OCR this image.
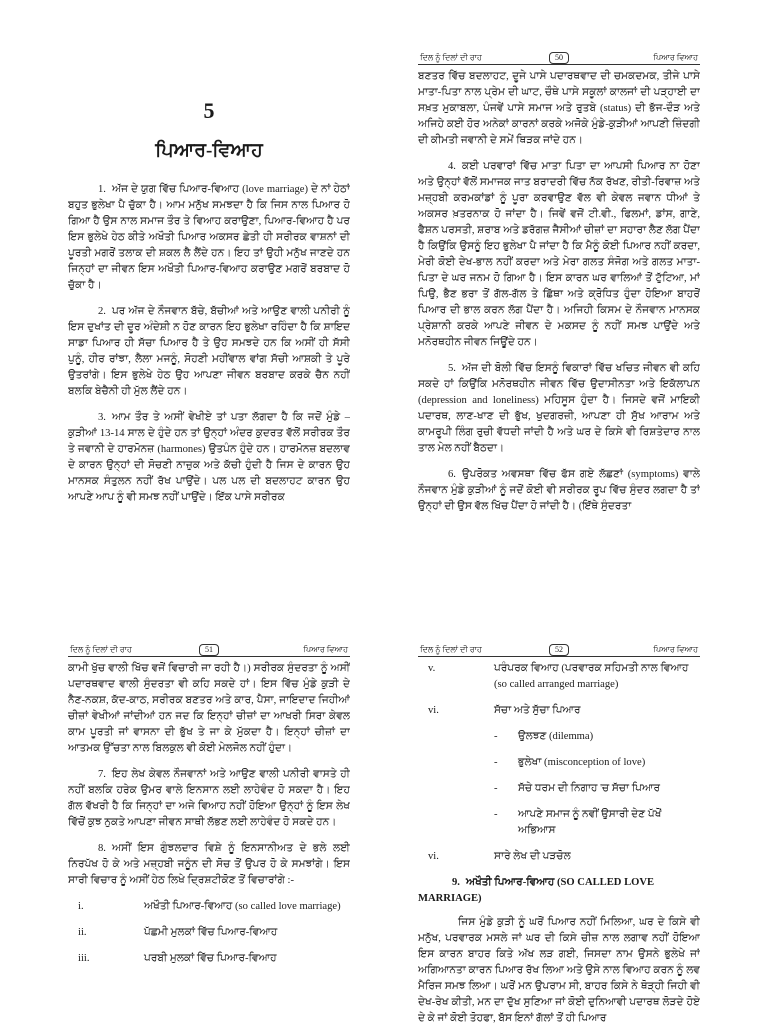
5
ਪਿਆਰ-ਵਿਆਹ

1. ਅੱਜ ਦੇ ਯੁਗ ਵਿੱਚ ਪਿਆਰ-ਵਿਆਹ (love marriage) ਦੇ ਨਾਂ ਹੇਠਾਂ ਬਹੁਤ ਭੁਲੇਖਾ ਪੈ ਚੁੱਕਾ ਹੈ। ਆਮ ਮਨੁੱਖ ਸਮਝਦਾ ਹੈ ਕਿ ਜਿਸ ਨਾਲ ਪਿਆਰ ਹੋ ਗਿਆ ਹੈ ਉਸ ਨਾਲ ਸਮਾਜ ਤੌਰ ਤੇ ਵਿਆਹ ਕਰਾਉਣਾ, ਪਿਆਰ-ਵਿਆਹ ਹੈ ਪਰ ਇਸ ਭੁਲੇਖੇ ਹੇਠ ਕੀਤੇ ਅਖੌਤੀ ਪਿਆਰ ਅਕਸਰ ਛੇਤੀ ਹੀ ਸਰੀਰਕ ਵਾਸ਼ਨਾਂ ਦੀ ਪੂਰਤੀ ਮਗਰੋਂ ਤਲਾਕ ਦੀ ਸ਼ਕਲ ਲੈ ਲੈਂਦੇ ਹਨ। ਇਹ ਤਾਂ ਉਹੀ ਮਨੁੱਖ ਜਾਣਦੇ ਹਨ ਜਿਨ੍ਹਾਂ ਦਾ ਜੀਵਨ ਇਸ ਅਖੌਤੀ ਪਿਆਰ-ਵਿਆਹ ਕਰਾਉਣ ਮਗਰੋਂ ਬਰਬਾਦ ਹੋ ਚੁੱਕਾ ਹੈ।

2. ਪਰ ਅੱਜ ਦੇ ਨੌਜਵਾਨ ਬੱਚੇ, ਬੱਚੀਆਂ ਅਤੇ ਆਉਣ ਵਾਲੀ ਪਨੀਰੀ ਨੂੰ ਇਸ ਦੁਖਾਂਤ ਦੀ ਦੂਰ ਅੰਦੇਸ਼ੀ ਨ ਹੋਣ ਕਾਰਨ ਇਹ ਭੁਲੇਖਾ ਰਹਿੰਦਾ ਹੈ ਕਿ ਸ਼ਾਇਦ ਸਾਡਾ ਪਿਆਰ ਹੀ ਸੱਚਾ ਪਿਆਰ ਹੈ ਤੇ ਉਹ ਸਮਝਦੇ ਹਨ ਕਿ ਅਸੀਂ ਹੀ ਸੱਸੀ ਪੁਨੂੰ, ਹੀਰ ਰਾਂਝਾ, ਲੈਲਾ ਮਜਨੂੰ, ਸੋਹਣੀ ਮਹੀਂਵਾਲ ਵਾਂਗ ਸੱਚੀ ਆਸ਼ਕੀ ਤੇ ਪੂਰੇ ਉਤਰਾਂਗੇ। ਇਸ ਭੁਲੇਖੇ ਹੇਠ ਉਹ ਆਪਣਾ ਜੀਵਨ ਬਰਬਾਦ ਕਰਕੇ ਚੈਨ ਨਹੀਂ ਬਲਕਿ ਬੇਚੈਨੀ ਹੀ ਮੁੱਲ ਲੈਂਦੇ ਹਨ।

3. ਆਮ ਤੌਰ ਤੇ ਅਸੀਂ ਵੇਖੀਏ ਤਾਂ ਪਤਾ ਲੱਗਦਾ ਹੈ ਕਿ ਜਦੋਂ ਮੁੰਡੇ – ਕੁੜੀਆਂ 13-14 ਸਾਲ ਦੇ ਹੁੰਦੇ ਹਨ ਤਾਂ ਉਨ੍ਹਾਂ ਅੰਦਰ ਕੁਦਰਤ ਵੱਲੋਂ ਸਰੀਰਕ ਤੌਰ ਤੇ ਜਵਾਨੀ ਦੇ ਹਾਰਮੋਨਜ਼ (harmones) ਉਤਪੰਨ ਹੁੰਦੇ ਹਨ। ਹਾਰਮੋਨਜ਼ ਬਦਲਾਵ ਦੇ ਕਾਰਨ ਉਨ੍ਹਾਂ ਦੀ ਸੋਚਣੀ ਨਾਜ਼ੁਕ ਅਤੇ ਕੱਚੀ ਹੁੰਦੀ ਹੈ ਜਿਸ ਦੇ ਕਾਰਨ ਉਹ ਮਾਨਸਕ ਸੰਤੁਲਨ ਨਹੀਂ ਰੱਖ ਪਾਉਂਦੇ। ਪਲ ਪਲ ਦੀ ਬਦਲਾਹਟ ਕਾਰਨ ਉਹ ਆਪਣੇ ਆਪ ਨੂੰ ਵੀ ਸਮਝ ਨਹੀਂ ਪਾਉਂਦੇ। ਇੱਕ ਪਾਸੇ ਸਰੀਰਕ

ਦਿਲ ਨੂੰ ਦਿਲਾਂ ਦੀ ਰਾਹ	50	ਪਿਆਰ ਵਿਆਹ

ਬਣਤਰ ਵਿੱਚ ਬਦਲਾਹਟ, ਦੂਜੇ ਪਾਸੇ ਪਦਾਰਥਵਾਦ ਦੀ ਚਮਕਦਮਕ, ਤੀਜੇ ਪਾਸੇ ਮਾਤਾ-ਪਿਤਾ ਨਾਲ ਪ੍ਰੇਮ ਦੀ ਘਾਟ, ਚੌਥੇ ਪਾਸੇ ਸਕੂਲਾਂ ਕਾਲਜਾਂ ਦੀ ਪੜ੍ਹਾਈ ਦਾ ਸਖ਼ਤ ਮੁਕਾਬਲਾ, ਪੰਜਵੇਂ ਪਾਸੇ ਸਮਾਜ ਅਤੇ ਰੁਤਬੇ (status) ਦੀ ਭੱਜ-ਦੌੜ ਅਤੇ ਅਜਿਹੇ ਕਈ ਹੋਰ ਅਨੇਕਾਂ ਕਾਰਨਾਂ ਕਰਕੇ ਅਜੋਕੇ ਮੁੰਡੇ-ਕੁੜੀਆਂ ਆਪਣੀ ਜ਼ਿੰਦਗੀ ਦੀ ਕੀਮਤੀ ਜਵਾਨੀ ਦੇ ਸਮੇਂ ਥਿੜਕ ਜਾਂਦੇ ਹਨ।

4. ਕਈ ਪਰਵਾਰਾਂ ਵਿੱਚ ਮਾਤਾ ਪਿਤਾ ਦਾ ਆਪਸੀ ਪਿਆਰ ਨਾ ਹੋਣਾ ਅਤੇ ਉਨ੍ਹਾਂ ਵੱਲੋਂ ਸਮਾਜਕ ਜਾਤ ਬਰਾਦਰੀ ਵਿੱਚ ਨੱਕ ਰੱਖਣ, ਰੀਤੀ-ਰਿਵਾਜ਼ ਅਤੇ ਮਜ਼੍ਹਬੀ ਕਰਮਕਾਂਡਾਂ ਨੂੰ ਪੂਰਾ ਕਰਵਾਉਣ ਵੱਲ ਵੀ ਕੇਵਲ ਜਵਾਨ ਧੀਆਂ ਤੇ ਅਕਸਰ ਖ਼ਤਰਨਾਕ ਹੋ ਜਾਂਦਾ ਹੈ। ਜਿਵੇਂ ਵਜੋਂ ਟੀ.ਵੀ., ਫਿਲਮਾਂ, ਡਾਂਸ, ਗਾਣੇ, ਫੈਸ਼ਨ ਪਰਸਤੀ, ਸ਼ਰਾਬ ਅਤੇ ਡਰੱਗਜ਼ ਜੈਸੀਆਂ ਚੀਜ਼ਾਂ ਦਾ ਸਹਾਰਾ ਲੈਣ ਲੱਗ ਪੈਂਦਾ ਹੈ ਕਿਉਂਕਿ ਉਸਨੂੰ ਇਹ ਭੁਲੇਖਾ ਪੈ ਜਾਂਦਾ ਹੈ ਕਿ ਮੈਨੂੰ ਕੋਈ ਪਿਆਰ ਨਹੀਂ ਕਰਦਾ, ਮੇਰੀ ਕੋਈ ਦੇਖ-ਭਾਲ ਨਹੀਂ ਕਰਦਾ ਅਤੇ ਮੇਰਾ ਗਲਤ ਸੰਜੋਗ ਅਤੇ ਗਲਤ ਮਾਤਾ-ਪਿਤਾ ਦੇ ਘਰ ਜਨਮ ਹੋ ਗਿਆ ਹੈ। ਇਸ ਕਾਰਨ ਘਰ ਵਾਲਿਆਂ ਤੋਂ ਟੁੱਟਿਆ, ਮਾਂ ਪਿਉ, ਭੈਣ ਭਰਾ ਤੋਂ ਗੱਲ-ਗੱਲ ਤੇ ਛਿੱਥਾ ਅਤੇ ਕ੍ਰੋਧਿਤ ਹੁੰਦਾ ਹੋਇਆ ਬਾਹਰੋਂ ਪਿਆਰ ਦੀ ਭਾਲ ਕਰਨ ਲੱਗ ਪੈਂਦਾ ਹੈ। ਅਜਿਹੀ ਕਿਸਮ ਦੇ ਨੌਜਵਾਨ ਮਾਨਸਕ ਪ੍ਰੇਸ਼ਾਨੀ ਕਰਕੇ ਆਪਣੇ ਜੀਵਨ ਦੇ ਮਕਸਦ ਨੂੰ ਨਹੀਂ ਸਮਝ ਪਾਉਂਦੇ ਅਤੇ ਮਨੋਰਥਹੀਨ ਜੀਵਨ ਜਿਊਂਦੇ ਹਨ।

5. ਅੱਜ ਦੀ ਬੋਲੀ ਵਿੱਚ ਇਸਨੂੰ ਵਿਕਾਰਾਂ ਵਿੱਚ ਖਚਿਤ ਜੀਵਨ ਵੀ ਕਹਿ ਸਕਦੇ ਹਾਂ ਕਿਉਂਕਿ ਮਨੋਰਥਹੀਨ ਜੀਵਨ ਵਿੱਚ ਉਦਾਸੀਨਤਾ ਅਤੇ ਇਕੱਲਾਪਨ (depression and loneliness) ਮਹਿਸੂਸ ਹੁੰਦਾ ਹੈ। ਜਿਸਦੇ ਵਜੋਂ ਮਾਇਕੀ ਪਦਾਰਥ, ਲਾਣ-ਖਾਣ ਦੀ ਭੁੱਖ, ਖੁਦਗਰਜ਼ੀ, ਆਪਣਾ ਹੀ ਸੁੱਖ ਆਰਾਮ ਅਤੇ ਕਾਮਰੂਪੀ ਲਿੰਗ ਰੁਚੀ ਵੱਧਦੀ ਜਾਂਦੀ ਹੈ ਅਤੇ ਘਰ ਦੇ ਕਿਸੇ ਵੀ ਰਿਸ਼ਤੇਦਾਰ ਨਾਲ ਤਾਲ ਮੇਲ ਨਹੀਂ ਬੈਠਦਾ।

6. ਉਪਰੋਕਤ ਅਵਸਥਾ ਵਿੱਚ ਫੱਸ ਗਏ ਲੱਛਣਾਂ (symptoms) ਵਾਲੇ ਨੌਜਵਾਨ ਮੁੰਡੇ ਕੁੜੀਆਂ ਨੂੰ ਜਦੋਂ ਕੋਈ ਵੀ ਸਰੀਰਕ ਰੂਪ ਵਿੱਚ ਸੁੰਦਰ ਲਗਦਾ ਹੈ ਤਾਂ ਉਨ੍ਹਾਂ ਦੀ ਉਸ ਵੱਲ ਖਿੱਚ ਪੈਂਦਾ ਹੋ ਜਾਂਦੀ ਹੈ। (ਇੱਥੇ ਸੁੰਦਰਤਾ

ਦਿਲ ਨੂੰ ਦਿਲਾਂ ਦੀ ਰਾਹ	51	ਪਿਆਰ ਵਿਆਹ

ਕਾਮੀ ਖੁੱਚ ਵਾਲੀ ਖਿੱਚ ਵਜੋਂ ਵਿਚਾਰੀ ਜਾ ਰਹੀ ਹੈ।) ਸਰੀਰਕ ਸੁੰਦਰਤਾ ਨੂੰ ਅਸੀਂ ਪਦਾਰਥਵਾਦ ਵਾਲੀ ਸੁੰਦਰਤਾ ਵੀ ਕਹਿ ਸਕਦੇ ਹਾਂ। ਇਸ ਵਿੱਚ ਮੁੰਡੇ ਕੁੜੀ ਦੇ ਨੈਣ-ਨਕਸ਼, ਕੱਦ-ਕਾਠ, ਸਰੀਰਕ ਬਣਤਰ ਅਤੇ ਕਾਰ, ਪੈਸਾ, ਜਾਇਦਾਦ ਜਿਹੀਆਂ ਚੀਜ਼ਾਂ ਵੇਖੀਆਂ ਜਾਂਦੀਆਂ ਹਨ ਜਦ ਕਿ ਇਨ੍ਹਾਂ ਚੀਜ਼ਾਂ ਦਾ ਆਖਰੀ ਸਿਰਾ ਕੇਵਲ ਕਾਮ ਪੂਰਤੀ ਜਾਂ ਵਾਸਨਾ ਦੀ ਭੁੱਖ ਤੇ ਜਾ ਕੇ ਮੁੱਕਦਾ ਹੈ। ਇਨ੍ਹਾਂ ਚੀਜ਼ਾਂ ਦਾ ਆਤਮਕ ਉੱਚਤਾ ਨਾਲ ਬਿਲਕੁਲ ਵੀ ਕੋਈ ਮੇਲਜੋਲ ਨਹੀਂ ਹੁੰਦਾ।

7. ਇਹ ਲੇਖ ਕੇਵਲ ਨੌਜਵਾਨਾਂ ਅਤੇ ਆਉਣ ਵਾਲੀ ਪਨੀਰੀ ਵਾਸਤੇ ਹੀ ਨਹੀਂ ਬਲਕਿ ਹਰੇਕ ਉਮਰ ਵਾਲੇ ਇਨਸਾਨ ਲਈ ਲਾਹੇਵੰਦ ਹੋ ਸਕਦਾ ਹੈ। ਇਹ ਗੱਲ ਵੱਖਰੀ ਹੈ ਕਿ ਜਿਨ੍ਹਾਂ ਦਾ ਅਜੇ ਵਿਆਹ ਨਹੀਂ ਹੋਇਆ ਉਨ੍ਹਾਂ ਨੂੰ ਇਸ ਲੇਖ ਵਿੱਚੋਂ ਕੁਝ ਨੁਕਤੇ ਆਪਣਾ ਜੀਵਨ ਸਾਥੀ ਲੱਭਣ ਲਈ ਲਾਹੇਵੰਦ ਹੋ ਸਕਦੇ ਹਨ।

8. ਅਸੀਂ ਇਸ ਗੁੰਝਲਦਾਰ ਵਿਸ਼ੇ ਨੂੰ ਇਨਸਾਨੀਅਤ ਦੇ ਭਲੇ ਲਈ ਨਿਰਪੱਖ ਹੋ ਕੇ ਅਤੇ ਮਜ਼੍ਹਬੀ ਜਨੂੰਨ ਦੀ ਸੋਚ ਤੋਂ ਉਪਰ ਹੋ ਕੇ ਸਮਝਾਂਗੇ। ਇਸ ਸਾਰੀ ਵਿਚਾਰ ਨੂੰ ਅਸੀਂ ਹੇਠ ਲਿਖੇ ਦ੍ਰਿਸ਼ਟੀਕੋਣ ਤੋਂ ਵਿਚਾਰਾਂਗੇ :-

i.	ਅਖੌਤੀ ਪਿਆਰ-ਵਿਆਹ (so called love marriage)
ii.	ਪੱਛਮੀ ਮੁਲਕਾਂ ਵਿੱਚ ਪਿਆਰ-ਵਿਆਹ
iii.	ਪਰਬੀ ਮੁਲਕਾਂ ਵਿੱਚ ਪਿਆਰ-ਵਿਆਹ
ਦਿਲ ਨੂੰ ਦਿਲਾਂ ਦੀ ਰਾਹ	52	ਪਿਆਰ ਵਿਆਹ
v.	ਪਰੰਪਰਕ ਵਿਆਹ (ਪਰਵਾਰਕ ਸਹਿਮਤੀ ਨਾਲ ਵਿਆਹ (so called arranged marriage)
vi.	ਸੱਚਾ ਅਤੇ ਸੁੱਚਾ ਪਿਆਰ
-	ਉਲਝਣ (dilemma)
-	ਭੁਲੇਖਾ (misconception of love)
-	ਸੱਚੇ ਧਰਮ ਦੀ ਨਿਗਾਹ 'ਚ ਸੱਚਾ ਪਿਆਰ
-	ਆਪਣੇ ਸਮਾਜ ਨੂੰ ਨਵੀਂ ਉਸਾਰੀ ਦੇਣ ਪੱਖੋਂ ਅਭਿਆਸ
vi.	ਸਾਰੇ ਲੇਖ ਦੀ ਪੜਚੋਲ
9. ਅਖੌਤੀ ਪਿਆਰ-ਵਿਆਹ (SO CALLED LOVE MARRIAGE)

ਜਿਸ ਮੁੰਡੇ ਕੁੜੀ ਨੂੰ ਘਰੋਂ ਪਿਆਰ ਨਹੀਂ ਮਿਲਿਆ, ਘਰ ਦੇ ਕਿਸੇ ਵੀ ਮਨੁੱਖ, ਪਰਵਾਰਕ ਮਸਲੇ ਜਾਂ ਘਰ ਦੀ ਕਿਸੇ ਚੀਜ਼ ਨਾਲ ਲਗਾਵ ਨਹੀਂ ਹੋਇਆ ਇਸ ਕਾਰਨ ਬਾਹਰ ਕਿਤੇ ਅੱਖ ਲੜ ਗਈ, ਜਿਸਦਾ ਨਾਮ ਉਸਨੇ ਭੁਲੇਖੇ ਜਾਂ ਅਗਿਆਨਤਾ ਕਾਰਨ ਪਿਆਰ ਰੱਖ ਲਿਆ ਅਤੇ ਉਸੇ ਨਾਲ ਵਿਆਹ ਕਰਨ ਨੂੰ ਲਵ ਮੈਰਿਜ ਸਮਝ ਲਿਆ। ਘਰੋਂ ਮਨ ਉਪਰਾਮ ਸੀ, ਬਾਹਰ ਕਿਸੇ ਨੇ ਥੋੜ੍ਹੀ ਜਿਹੀ ਵੀ ਦੇਖ-ਰੇਖ ਕੀਤੀ, ਮਨ ਦਾ ਦੁੱਖ ਸੁਣਿਆ ਜਾਂ ਕੋਈ ਦੁਨਿਆਵੀ ਪਦਾਰਥ ਲੋੜਦੇ ਹੋਏ ਦੇ ਕੇ ਜਾਂ ਕੋਈ ਤੋਹਫਾ, ਬੱਸ ਇਨਾਂ ਗੱਲਾਂ ਤੋਂ ਹੀ ਪਿਆਰ
